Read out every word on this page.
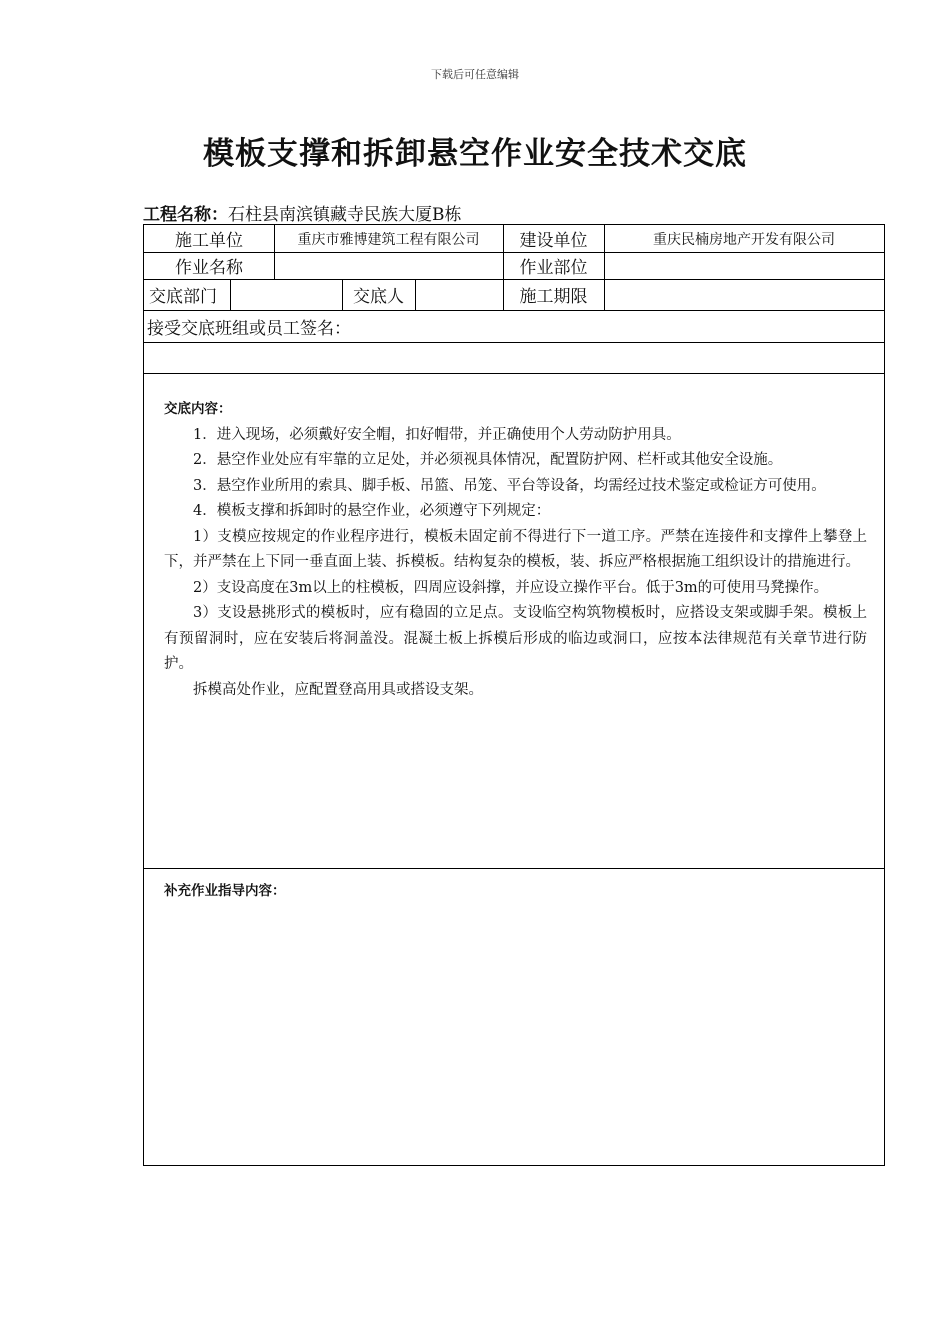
下载后可任意编辑
模板支撑和拆卸悬空作业安全技术交底
工程名称：石柱县南滨镇藏寺民族大厦B栋
施工单位	重庆市雅博建筑工程有限公司	建设单位	重庆民楠房地产开发有限公司
作业名称	作业部位
交底部门	交底人	施工期限
接受交底班组或员工签名：
交底内容：

1．进入现场，必须戴好安全帽，扣好帽带，并正确使用个人劳动防护用具。

2．悬空作业处应有牢靠的立足处，并必须视具体情况，配置防护网、栏杆或其他安全设施。

3．悬空作业所用的索具、脚手板、吊篮、吊笼、平台等设备，均需经过技术鉴定或检证方可使用。

4．模板支撑和拆卸时的悬空作业，必须遵守下列规定：

1）支模应按规定的作业程序进行，模板未固定前不得进行下一道工序。严禁在连接件和支撑件上攀登上下，并严禁在上下同一垂直面上装、拆模板。结构复杂的模板，装、拆应严格根据施工组织设计的措施进行。

2）支设高度在3m以上的柱模板，四周应设斜撑，并应设立操作平台。低于3m的可使用马凳操作。

3）支设悬挑形式的模板时，应有稳固的立足点。支设临空构筑物模板时，应搭设支架或脚手架。模板上有预留洞时，应在安装后将洞盖没。混凝土板上拆模后形成的临边或洞口，应按本法律规范有关章节进行防护。

拆模高处作业，应配置登高用具或搭设支架。

补充作业指导内容：
